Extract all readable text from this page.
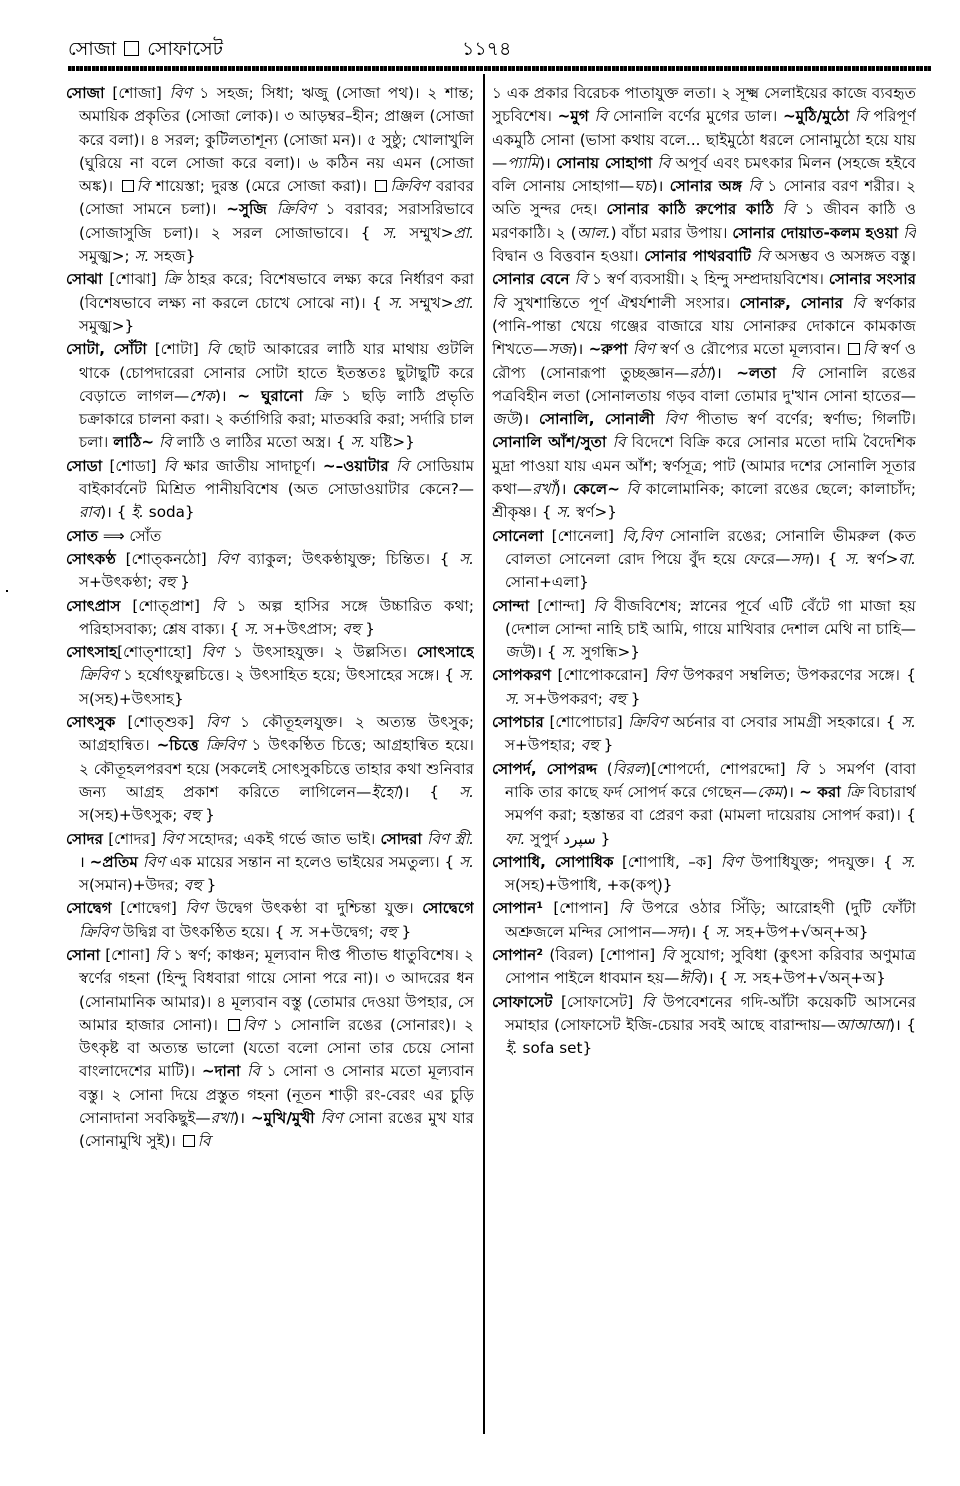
সোজা সোফাসেট	১১৭৪

সোজা [শোজা] বিণ ১ সহজ; সিধা; ঋজু (সোজা পথ)। ২ শান্ত; অমায়িক প্রকৃতির (সোজা লোক)। ৩ আড়ম্বর–হীন; প্রাঞ্জল (সোজা করে বলা)। ৪ সরল; কুটিলতাশূন্য (সোজা মন)। ৫ সুষ্ঠু; খোলাখুলি (ঘুরিয়ে না বলে সোজা করে বলা)। ৬ কঠিন নয় এমন (সোজা অঙ্ক)। বি শায়েস্তা; দুরস্ত (মেরে সোজা করা)। ক্রিবিণ বরাবর (সোজা সামনে চলা)। ~সুজি ক্রিবিণ ১ বরাবর; সরাসরিভাবে (সোজাসুজি চলা)। ২ সরল সোজাভাবে। { স. সম্মুখ>প্রা. সমুজ্ঝ>; স. সহজ}

সোঝা [শোঝা] ক্রি ঠাহর করে; বিশেষভাবে লক্ষ্য করে নির্ধারণ করা (বিশেষভাবে লক্ষ্য না করলে চোখে সোঝে না)। { স. সম্মুখ>প্রা. সমুজ্ঝ>}

সোটা, সোঁটা [শোটা] বি ছোট আকারের লাঠি যার মাথায় গুটলি থাকে (চোপদারেরা সোনার সোটা হাতে ইতস্ততঃ ছুটাছুটি করে বেড়াতে লাগল—শেক)। ~ ঘুরানো ক্রি ১ ছড়ি লাঠি প্রভৃতি চক্রাকারে চালনা করা। ২ কর্তাগিরি করা; মাতব্বরি করা; সর্দারি চাল চলা। লাঠি~ বি লাঠি ও লাঠির মতো অস্ত্র। { স. যষ্টি>}

সোডা [শোডা] বি ক্ষার জাতীয় সাদাচূর্ণ। ~–ওয়াটার বি সোডিয়াম বাইকার্বনেট মিশ্রিত পানীয়বিশেষ (অত সোডাওয়াটার কেনে?—রাব)। { ই. soda}

সোত ⟹ সোঁত

সোৎকণ্ঠ [শোত্কনঠো] বিণ ব্যাকুল; উৎকণ্ঠাযুক্ত; চিন্তিত। { স. স+উৎকণ্ঠা; বহু }

সোৎপ্রাস [শোত্প্রাশ] বি ১ অল্প হাসির সঙ্গে উচ্চারিত কথা; পরিহাসবাক্য; শ্লেষ বাক্য। { স. স+উৎপ্রাস; বহু }

সোৎসাহ[শোত্শাহো] বিণ ১ উৎসাহযুক্ত। ২ উল্লসিত। সোৎসাহে ক্রিবিণ ১ হর্ষোৎফুল্লচিত্তে। ২ উৎসাহিত হয়ে; উৎসাহের সঙ্গে। { স. স(সহ)+উৎসাহ}

সোৎসুক [শোত্শুক] বিণ ১ কৌতূহলযুক্ত। ২ অত্যন্ত উৎসুক; আগ্রহান্বিত। ~চিত্তে ক্রিবিণ ১ উৎকণ্ঠিত চিত্তে; আগ্রহান্বিত হয়ে। ২ কৌতূহলপরবশ হয়ে (সকলেই সোৎসুকচিত্তে তাহার কথা শুনিবার জন্য আগ্রহ প্রকাশ করিতে লাগিলেন—ইহো)। { স. স(সহ)+উৎসুক; বহু }

সোদর [শোদর] বিণ সহোদর; একই গর্ভে জাত ভাই। সোদরা বিণ স্ত্রী. । ~প্রতিম বিণ এক মায়ের সন্তান না হলেও ভাইয়ের সমতুল্য। { স. স(সমান)+উদর; বহু }

সোদ্বেগ [শোদ্বেগ] বিণ উদ্বেগ উৎকণ্ঠা বা দুশ্চিন্তা যুক্ত। সোদ্বেগে ক্রিবিণ উদ্বিগ্ন বা উৎকণ্ঠিত হয়ে। { স. স+উদ্বেগ; বহু }

সোনা [শোনা] বি ১ স্বর্ণ; কাঞ্চন; মূল্যবান দীপ্ত পীতাভ ধাতুবিশেষ। ২ স্বর্ণের গহনা (হিন্দু বিধবারা গায়ে সোনা পরে না)। ৩ আদরের ধন (সোনামানিক আমার)। ৪ মূল্যবান বস্তু (তোমার দেওয়া উপহার, সে আমার হাজার সোনা)। বিণ ১ সোনালি রঙের (সোনারং)। ২ উৎকৃষ্ট বা অত্যন্ত ভালো (যতো বলো সোনা তার চেয়ে সোনা বাংলাদেশের মাটি)। ~দানা বি ১ সোনা ও সোনার মতো মূল্যবান বস্তু। ২ সোনা দিয়ে প্রস্তুত গহনা (নূতন শাড়ী রং-বেরং এর চুড়ি সোনাদানা সবকিছুই—রখা)। ~মুখি/মুখী বিণ সোনা রঙের মুখ যার (সোনামুখি সুই)। বি

১ এক প্রকার বিরেচক পাতাযুক্ত লতা। ২ সূক্ষ্ম সেলাইয়ের কাজে ব্যবহৃত সুচবিশেষ। ~মুগ বি সোনালি বর্ণের মুগের ডাল। ~মুঠি/মুঠো বি পরিপূর্ণ একমুঠি সোনা (ভাসা কথায় বলে... ছাইমুঠো ধরলে সোনামুঠো হয়ে যায়—প্যামি)। সোনায় সোহাগা বি অপূর্ব এবং চমৎকার মিলন (সহজে হইবে বলি সোনায় সোহাগা—ঘচ)। সোনার অঙ্গ বি ১ সোনার বরণ শরীর। ২ অতি সুন্দর দেহ। সোনার কাঠি রুপোর কাঠি বি ১ জীবন কাঠি ও মরণকাঠি। ২ (আল.) বাঁচা মরার উপায়। সোনার দোয়াত-কলম হওয়া বি বিদ্বান ও বিত্তবান হওয়া। সোনার পাথরবাটি বি অসম্ভব ও অসঙ্গত বস্তু। সোনার বেনে বি ১ স্বর্ণ ব্যবসায়ী। ২ হিন্দু সম্প্রদায়বিশেষ। সোনার সংসার বি সুখশান্তিতে পূর্ণ ঐশ্বর্যশালী সংসার। সোনারু, সোনার বি স্বর্ণকার (পানি-পান্তা খেয়ে গঞ্জের বাজারে যায় সোনারুর দোকানে কামকাজ শিখতে—সজ)। ~রুপা বিণ স্বর্ণ ও রৌপ্যের মতো মূল্যবান। বি স্বর্ণ ও রৌপ্য (সোনারূপা তুচ্ছজ্ঞান—রঠা)। ~লতা বি সোনালি রঙের পত্রবিহীন লতা (সোনালতায় গড়ব বালা তোমার দু'খান সোনা হাতের—জউ)। সোনালি, সোনালী বিণ পীতাভ স্বর্ণ বর্ণের; স্বর্ণাভ; গিলটি। সোনালি আঁশ/সুতা বি বিদেশে বিক্রি করে সোনার মতো দামি বৈদেশিক মুদ্রা পাওয়া যায় এমন আঁশ; স্বর্ণসূত্র; পাট (আমার দশের সোনালি সূতার কথা—রখাঁ)। কেলে~ বি কালোমানিক; কালো রঙের ছেলে; কালাচাঁদ; শ্রীকৃষ্ণ। { স. স্বর্ণ>}

সোনেলা [শোনেলা] বি,বিণ সোনালি রঙের; সোনালি ভীমরুল (কত বোলতা সোনেলা রোদ পিয়ে বুঁদ হয়ে ফেরে—সদ)। { স. স্বর্ণ>বা. সোনা+এলা}

সোন্দা [শোন্দা] বি বীজবিশেষ; স্নানের পূর্বে এটি বেঁটে গা মাজা হয় (দেশাল সোন্দা নাহি চাই আমি, গায়ে মাখিবার দেশাল মেথি না চাহি—জউ)। { স. সুগন্ধি>}

সোপকরণ [শোপোকরোন] বিণ উপকরণ সম্বলিত; উপকরণের সঙ্গে। { স. স+উপকরণ; বহু }

সোপচার [শোপোচার] ক্রিবিণ অর্চনার বা সেবার সামগ্রী সহকারে। { স. স+উপহার; বহু }

সোপর্দ, সোপরদ্দ (বিরল)[শোপর্দো, শোপরদ্দো] বি ১ সমর্পণ (বাবা নাকি তার কাছে ফর্দ সোপর্দ করে গেছেন—কেম)। ~ করা ক্রি বিচারার্থ সমর্পণ করা; হস্তান্তর বা প্রেরণ করা (মামলা দায়েরায় সোপর্দ করা)। { ফা. সুপুর্দ سپرد }

সোপাধি, সোপাধিক [শোপাধি, –ক] বিণ উপাধিযুক্ত; পদযুক্ত। { স. স(সহ)+উপাধি, +ক(কপ্)}

সোপান¹ [শোপান] বি উপরে ওঠার সিঁড়ি; আরোহণী (দুটি ফোঁটা অশ্রুজলে মন্দির সোপান—সদ)। { স. সহ+উপ+√অন্+অ}

সোপান² (বিরল) [শোপান] বি সুযোগ; সুবিধা (কুৎসা করিবার অণুমাত্র সোপান পাইলে ধাবমান হয়—ঈবি)। { স. সহ+উপ+√অন্+অ}

সোফাসেট [সোফাসেট] বি উপবেশনের গদি-আঁটা কয়েকটি আসনের সমাহার (সোফাসেট ইজি-চেয়ার সবই আছে বারান্দায়—আআআ)। { ই. sofa set}
